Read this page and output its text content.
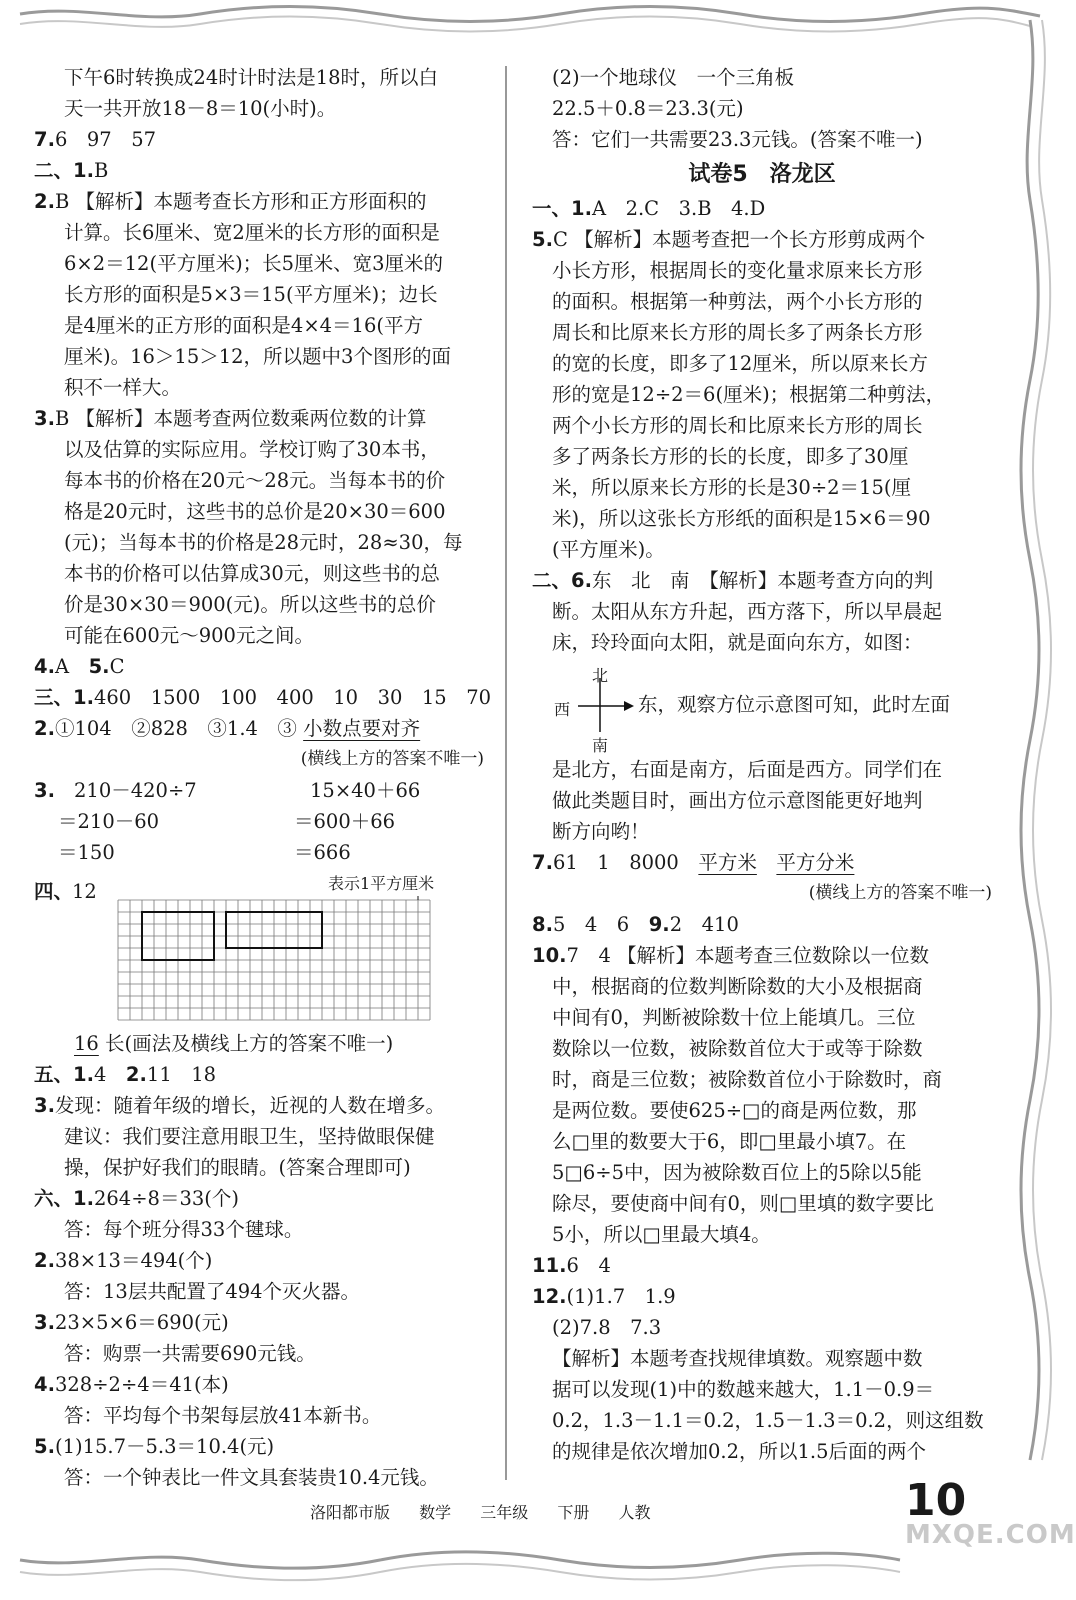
下午6时转换成24时计时法是18时，所以白
天一共开放18－8＝10(小时)。
7.6　97　57
二、1.B
2.B 【解析】本题考查长方形和正方形面积的
计算。长6厘米、宽2厘米的长方形的面积是
6×2＝12(平方厘米)；长5厘米、宽3厘米的
长方形的面积是5×3＝15(平方厘米)；边长
是4厘米的正方形的面积是4×4＝16(平方
厘米)。16＞15＞12，所以题中3个图形的面
积不一样大。
3.B 【解析】本题考查两位数乘两位数的计算
以及估算的实际应用。学校订购了30本书，
每本书的价格在20元～28元。当每本书的价
格是20元时，这些书的总价是20×30＝600
(元)；当每本书的价格是28元时，28≈30，每
本书的价格可以估算成30元，则这些书的总
价是30×30＝900(元)。所以这些书的总价
可能在600元～900元之间。
4.A　 5.C
三、1.460　1500　100　400　10　30　15　70
2.①104　②828　③1.4　③ 小数点要对齐
(横线上方的答案不唯一)
3. 210－420÷7	15×40＋66
＝210－60	＝600＋66
＝150	＝666
四、
12	表示1平方厘米
16 长(画法及横线上方的答案不唯一)
五、1.4　 2.11　18
3.发现：随着年级的增长，近视的人数在增多。
建议：我们要注意用眼卫生，坚持做眼保健
操，保护好我们的眼睛。(答案合理即可)
六、1.264÷8＝33(个)
答：每个班分得33个毽球。
2.38×13＝494(个)
答：13层共配置了494个灭火器。
3.23×5×6＝690(元)
答：购票一共需要690元钱。
4.328÷2÷4＝41(本)
答：平均每个书架每层放41本新书。
5.(1)15.7－5.3＝10.4(元)
答：一个钟表比一件文具套装贵10.4元钱。
(2)一个地球仪　一个三角板
22.5＋0.8＝23.3(元)
答：它们一共需要23.3元钱。(答案不唯一)
试卷5　洛龙区
一、1.A　2.C　3.B　4.D
5.C 【解析】本题考查把一个长方形剪成两个
小长方形，根据周长的变化量求原来长方形
的面积。根据第一种剪法，两个小长方形的
周长和比原来长方形的周长多了两条长方形
的宽的长度，即多了12厘米，所以原来长方
形的宽是12÷2＝6(厘米)；根据第二种剪法，
两个小长方形的周长和比原来长方形的周长
多了两条长方形的长的长度，即多了30厘
米，所以原来长方形的长是30÷2＝15(厘
米)，所以这张长方形纸的面积是15×6＝90
(平方厘米)。
二、6.东　北　南　【解析】本题考查方向的判
断。太阳从东方升起，西方落下，所以早晨起
床，玲玲面向太阳，就是面向东方，如图：
北
西
南
东，观察方位示意图可知，此时左面
是北方，右面是南方，后面是西方。同学们在
做此类题目时，画出方位示意图能更好地判
断方向哟！
7.61　1　8000　 平方米　 平方分米
(横线上方的答案不唯一)
8.5　4　6　 9.2　410
10.7　4 【解析】本题考查三位数除以一位数
中，根据商的位数判断除数的大小及根据商
中间有0，判断被除数十位上能填几。三位
数除以一位数，被除数首位大于或等于除数
时，商是三位数；被除数首位小于除数时，商
是两位数。要使625÷□的商是两位数，那
么□里的数要大于6，即□里最小填7。在
5□6÷5中，因为被除数百位上的5除以5能
除尽，要使商中间有0，则□里填的数字要比
5小，所以□里最大填4。
11.6　4
12.(1)1.7　1.9
(2)7.8　7.3
【解析】本题考查找规律填数。观察题中数
据可以发现(1)中的数越来越大，1.1－0.9＝
0.2，1.3－1.1＝0.2，1.5－1.3＝0.2，则这组数
的规律是依次增加0.2，所以1.5后面的两个
洛阳都市版 数学 三年级 下册 人教	10
MXQE.COM
